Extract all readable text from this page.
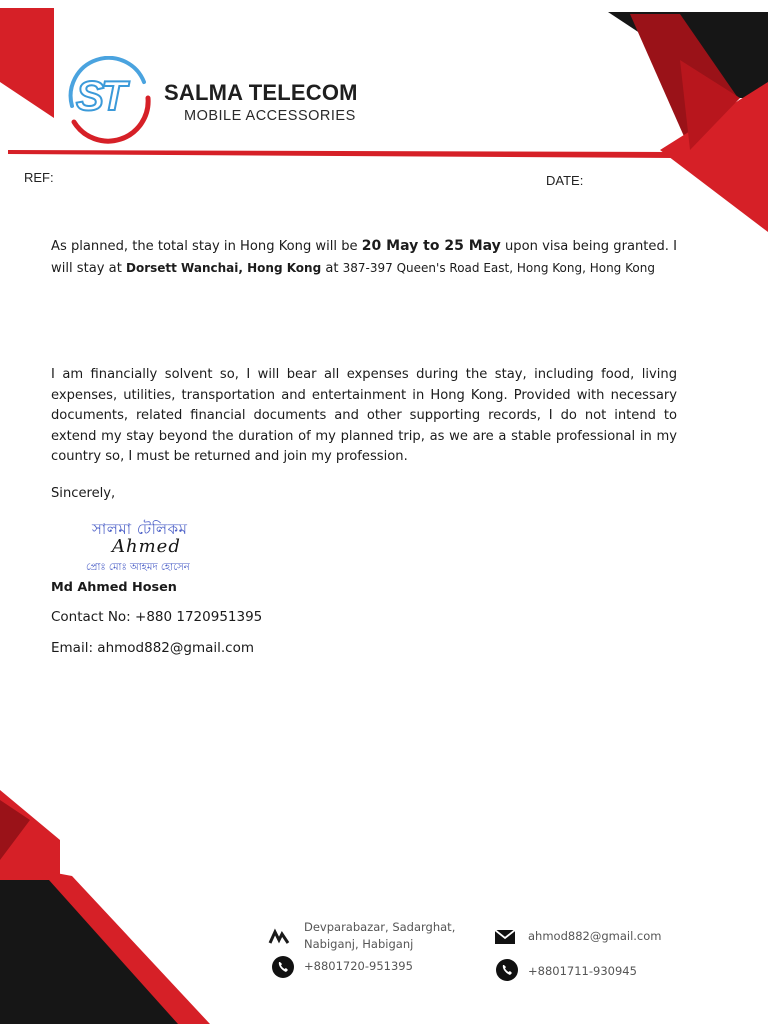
ST SALMA TELECOM
MOBILE ACCESSORIES
REF:	DATE:
As planned, the total stay in Hong Kong will be 20 May to 25 May upon visa being granted. I will stay at Dorsett Wanchai, Hong Kong at 387-397 Queen's Road East, Hong Kong, Hong Kong
I am financially solvent so, I will bear all expenses during the stay, including food, living expenses, utilities, transportation and entertainment in Hong Kong. Provided with necessary documents, related financial documents and other supporting records, I do not intend to extend my stay beyond the duration of my planned trip, as we are a stable professional in my country so, I must be returned and join my profession.
Sincerely,
সালমা টেলিকম
Ahmed
প্রোঃ মোঃ আহমদ হোসেন
Md Ahmed Hosen
Contact No: +880 1720951395
Email: ahmod882@gmail.com
Devparabazar, Sadarghat,
Nabiganj, Habiganj
+8801720-951395
ahmod882@gmail.com
+8801711-930945
